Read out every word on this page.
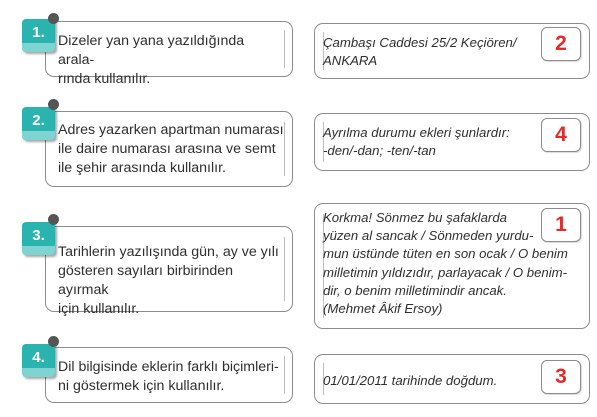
Dizeler yan yana yazıldığında arala-
rında kullanılır.
1.
Adres yazarken apartman numarası
ile daire numarası arasına ve semt
ile şehir arasında kullanılır.
2.
Tarihlerin yazılışında gün, ay ve yılı
gösteren sayıları birbirinden ayırmak
için kullanılır.
3.
Dil bilgisinde eklerin farklı biçimleri-
ni göstermek için kullanılır.
4.
Çambaşı Caddesi 25/2 Keçiören/
ANKARA
2
Ayrılma durumu ekleri şunlardır:
-den/-dan; -ten/-tan
4
Korkma! Sönmez bu şafaklarda
yüzen al sancak / Sönmeden yurdu-
mun üstünde tüten en son ocak / O benim
milletimin yıldızıdır, parlayacak / O benim-
dir, o benim milletimindir ancak.
(Mehmet Âkif Ersoy)
1
01/01/2011 tarihinde doğdum.	3
